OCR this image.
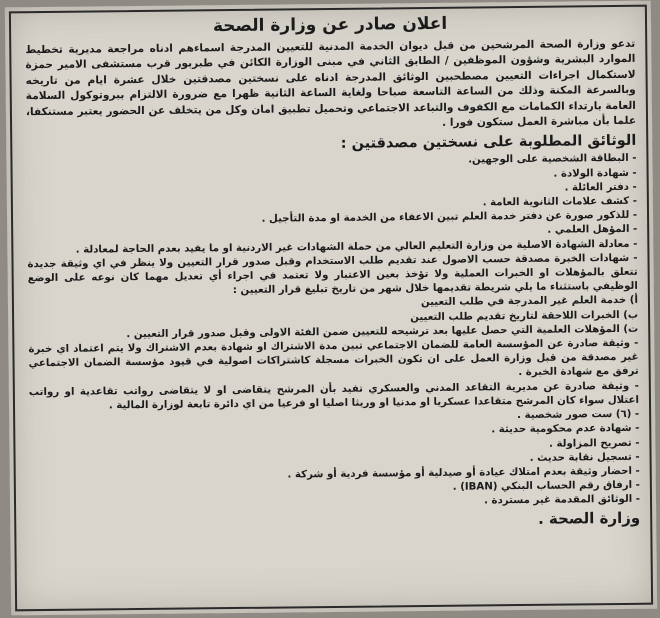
اعلان صادر عن وزارة الصحة

تدعو وزارة الصحة المرشحين من قبل ديوان الخدمة المدنية للتعيين المدرجة اسماءهم ادناه مراجعة مديرية تخطيط الموارد البشرية وشؤون الموظفين / الطابق الثاني في مبنى الوزارة الكائن في طبربور قرب مستشفى الامير حمزة لاستكمال اجراءات التعيين مصطحبين الوثائق المدرجة ادناه على نسختين مصدقتين خلال عشرة ايام من تاريخه وبالسرعة المكنة وذلك من الساعة التاسعة صباحا ولغاية الساعة الثانية ظهرا مع ضرورة الالتزام ببروتوكول السلامة العامة بارتداء الكمامات مع الكفوف والتباعد الاجتماعي وتحميل تطبيق امان وكل من يتخلف عن الحضور يعتبر مستنكفا، علما بأن مباشرة العمل ستكون فورا .

الوثائق المطلوبة على نسختين مصدقتين :
- البطاقة الشخصية على الوجهين.
- شهادة الولادة .
- دفتر العائلة .
- كشف علامات الثانوية العامة .
- للذكور صورة عن دفتر خدمة العلم تبين الاعفاء من الخدمة او مدة التأجيل .
- المؤهل العلمي .
- معادلة الشهادة الاصلية من وزارة التعليم العالي من حملة الشهادات غير الاردنية او ما يفيد بعدم الحاجة لمعادلة .
- شهادات الخبرة مصدقة حسب الاصول عند تقديم طلب الاستخدام وقبل صدور قرار التعيين ولا ينظر في اي وثيقة جديدة تتعلق بالمؤهلات او الخبرات العملية ولا تؤخذ بعين الاعتبار ولا تعتمد في اجراء أي تعديل مهما كان نوعه على الوضع الوظيفي باستثناء ما يلي شريطة تقديمها خلال شهر من تاريخ تبليغ قرار التعيين :
أ) خدمة العلم غير المدرجة في طلب التعيين
ب) الخبرات اللاحقة لتاريخ تقديم طلب التعيين
ت) المؤهلات العلمية التي حصل عليها بعد ترشيحه للتعيين ضمن الفئة الاولى وقبل صدور قرار التعيين .
- وثيقة صادرة عن المؤسسة العامة للضمان الاجتماعي تبين مدة الاشتراك او شهادة بعدم الاشتراك ولا يتم اعتماد اي خبرة غير مصدقة من قبل وزارة العمل على ان تكون الخبرات مسجلة كاشتراكات اصولية في قيود مؤسسة الضمان الاجتماعي ترفق مع شهادة الخبرة .
- وثيقة صادرة عن مديرية التقاعد المدني والعسكري تفيد بأن المرشح يتقاضى او لا يتقاضى رواتب تقاعدية او رواتب اعتلال سواء كان المرشح متقاعدا عسكريا او مدنيا او وريثا اصليا او فرعيا من اي دائرة تابعة لوزارة المالية .
- (٦) ست صور شخصية .
- شهادة عدم محكومية حديثة .
- تصريح المزاولة .
- تسجيل نقابة حديث .
- احضار وثيقة بعدم امتلاك عيادة أو صيدلية أو مؤسسة فردية أو شركة .
- ارفاق رقم الحساب البنكي (IBAN) .
- الوثائق المقدمة غير مستردة .
وزارة الصحة .
